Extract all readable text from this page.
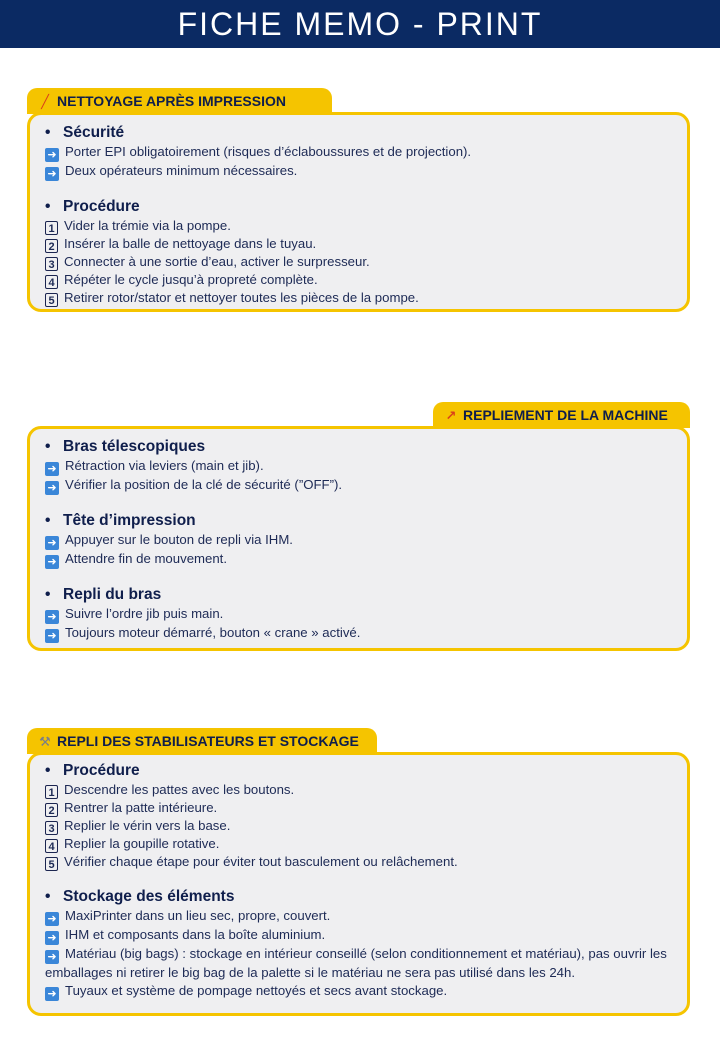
FICHE MEMO - PRINT
╱ NETTOYAGE APRÈS IMPRESSION
• Sécurité
➜ Porter EPI obligatoirement (risques d’éclaboussures et de projection).
➜ Deux opérateurs minimum nécessaires.
• Procédure
1 Vider la trémie via la pompe.
2 Insérer la balle de nettoyage dans le tuyau.
3 Connecter à une sortie d’eau, activer le surpresseur.
4 Répéter le cycle jusqu’à propreté complète.
5 Retirer rotor/stator et nettoyer toutes les pièces de la pompe.
↗ REPLIEMENT DE LA MACHINE
• Bras télescopiques
➜ Rétraction via leviers (main et jib).
➜ Vérifier la position de la clé de sécurité (”OFF”).
• Tête d’impression
➜ Appuyer sur le bouton de repli via IHM.
➜ Attendre fin de mouvement.
• Repli du bras
➜ Suivre l’ordre jib puis main.
➜ Toujours moteur démarré, bouton « crane » activé.
⚒ REPLI DES STABILISATEURS ET STOCKAGE
• Procédure
1 Descendre les pattes avec les boutons.
2 Rentrer la patte intérieure.
3 Replier le vérin vers la base.
4 Replier la goupille rotative.
5 Vérifier chaque étape pour éviter tout basculement ou relâchement.
• Stockage des éléments
➜ MaxiPrinter dans un lieu sec, propre, couvert.
➜ IHM et composants dans la boîte aluminium.
➜ Matériau (big bags) : stockage en intérieur conseillé (selon conditionnement et matériau), pas ouvrir les emballages ni retirer le big bag de la palette si le matériau ne sera pas utilisé dans les 24h.
➜ Tuyaux et système de pompage nettoyés et secs avant stockage.
